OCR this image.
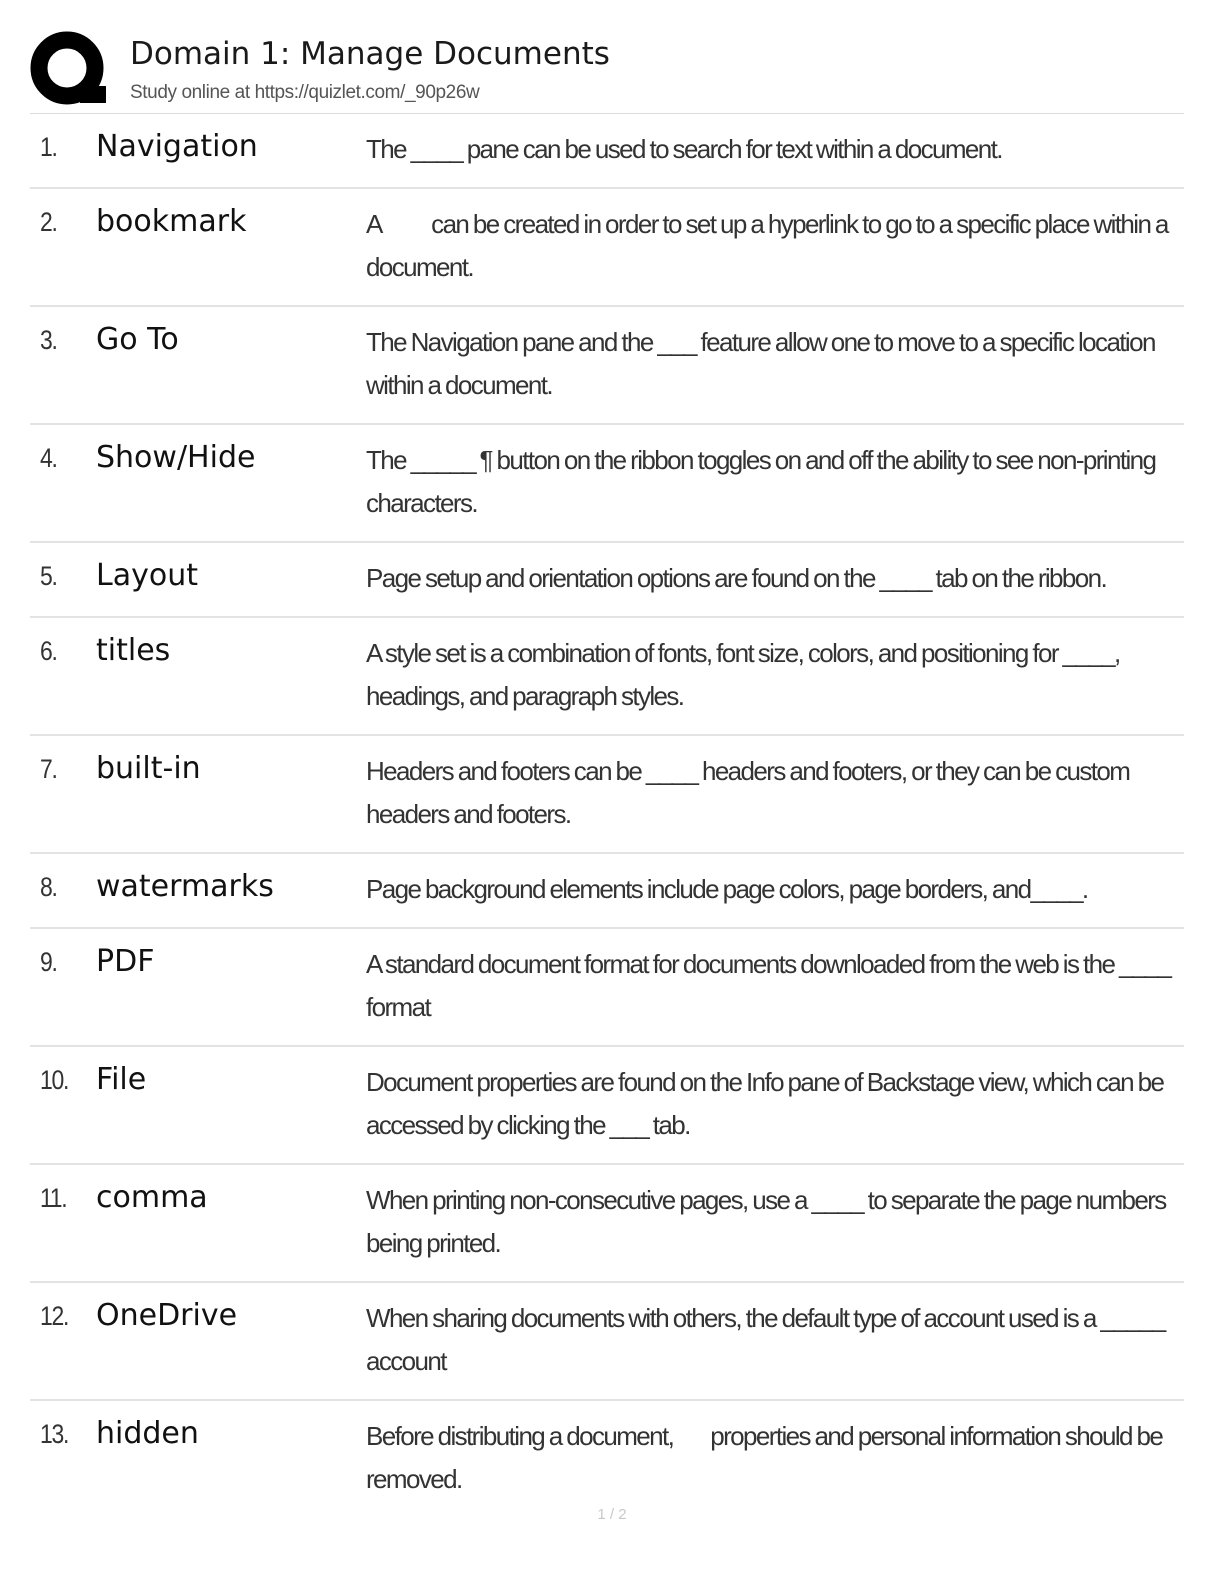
Domain 1: Manage Documents
Study online at https://quizlet.com/_90p26w
1. Navigation	The ____ pane can be used to search for text within a document.
2. bookmark	A           can be created in order to set up a hyperlink to go to a specific place within a document.
3. Go To	The Navigation pane and the ___ feature allow one to move to a specific location within a document.
4. Show/Hide	The _____ ¶ button on the ribbon toggles on and off the ability to see non-printing characters.
5. Layout	Page setup and orientation options are found on the ____ tab on the ribbon.
6. titles	A style set is a combination of fonts, font size, colors, and positioning for ____, headings, and paragraph styles.
7. built-in	Headers and footers can be ____ headers and footers, or they can be custom headers and footers.
8. watermarks	Page background elements include page colors, page borders, and____.
9. PDF	A standard document format for documents downloaded from the web is the ____ format
10. File	Document properties are found on the Info pane of Backstage view, which can be accessed by clicking the ___ tab.
11. comma	When printing non-consecutive pages, use a ____ to separate the page numbers being printed.
12. OneDrive	When sharing documents with others, the default type of account used is a _____ account
13. hidden	Before distributing a document,        properties and personal information should be removed.
1 / 2
